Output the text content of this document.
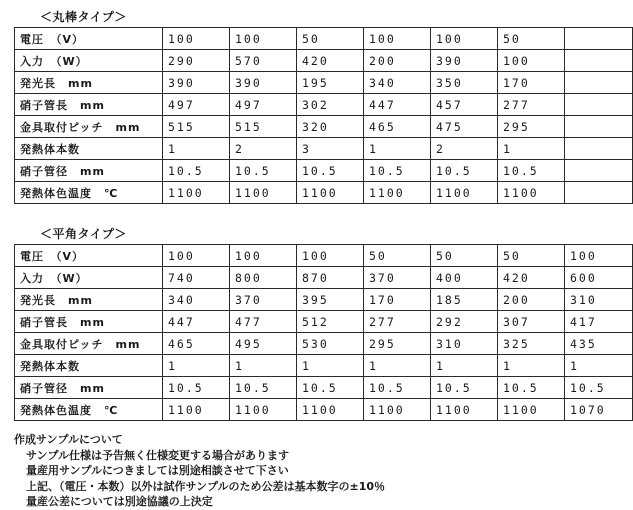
＜丸棒タイプ＞
電圧　（V）	100	100	50	100	100	50	
入力　（W）	290	570	420	200	390	100	
発光長　mm	390	390	195	340	350	170	
硝子管長　mm	497	497	302	447	457	277	
金具取付ピッチ　mm	515	515	320	465	475	295	
発熱体本数	1	2	3	1	2	1	
硝子管径　mm	10.5	10.5	10.5	10.5	10.5	10.5	
発熱体色温度　℃	1100	1100	1100	1100	1100	1100	
＜平角タイプ＞
電圧　（V）	100	100	100	50	50	50	100
入力　（W）	740	800	870	370	400	420	600
発光長　mm	340	370	395	170	185	200	310
硝子管長　mm	447	477	512	277	292	307	417
金具取付ピッチ　mm	465	495	530	295	310	325	435
発熱体本数	1	1	1	1	1	1	1
硝子管径　mm	10.5	10.5	10.5	10.5	10.5	10.5	10.5
発熱体色温度　℃	1100	1100	1100	1100	1100	1100	1070
作成サンプルについて
サンプル仕様は予告無く仕様変更する場合があります
量産用サンプルにつきましては別途相談させて下さい
上記、（電圧・本数）以外は試作サンプルのため公差は基本数字の±10％
量産公差については別途協議の上決定
